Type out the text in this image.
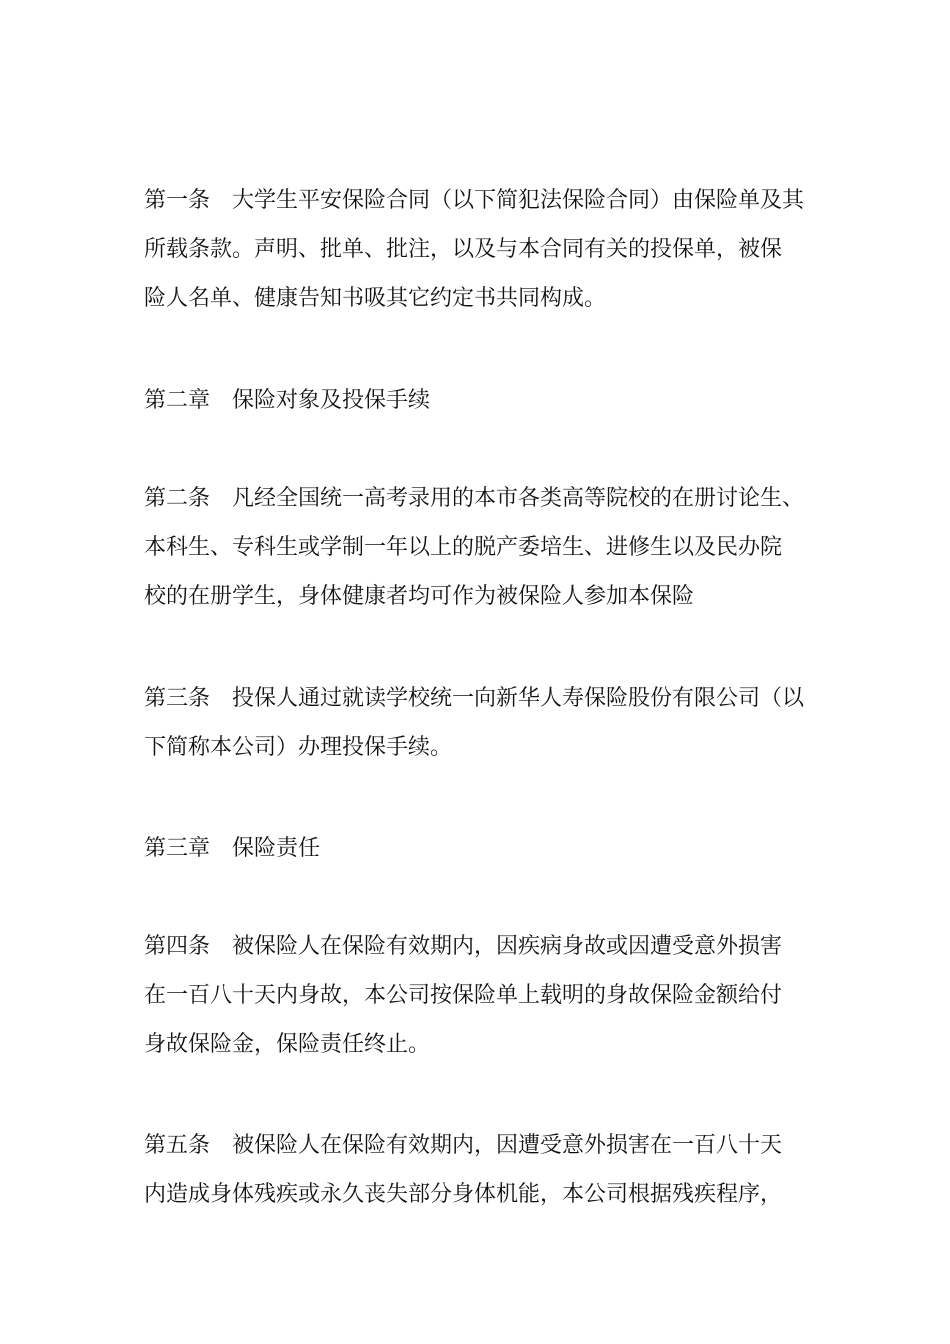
第一条　大学生平安保险合同（以下简犯法保险合同）由保险单及其
所载条款。声明、批单、批注，以及与本合同有关的投保单，被保
险人名单、健康告知书吸其它约定书共同构成。

第二章　保险对象及投保手续

第二条　凡经全国统一高考录用的本市各类高等院校的在册讨论生、
本科生、专科生或学制一年以上的脱产委培生、进修生以及民办院
校的在册学生，身体健康者均可作为被保险人参加本保险

第三条　投保人通过就读学校统一向新华人寿保险股份有限公司（以
下简称本公司）办理投保手续。

第三章　保险责任

第四条　被保险人在保险有效期内，因疾病身故或因遭受意外损害
在一百八十天内身故，本公司按保险单上载明的身故保险金额给付
身故保险金，保险责任终止。

第五条　被保险人在保险有效期内，因遭受意外损害在一百八十天
内造成身体残疾或永久丧失部分身体机能，本公司根据残疾程序，
